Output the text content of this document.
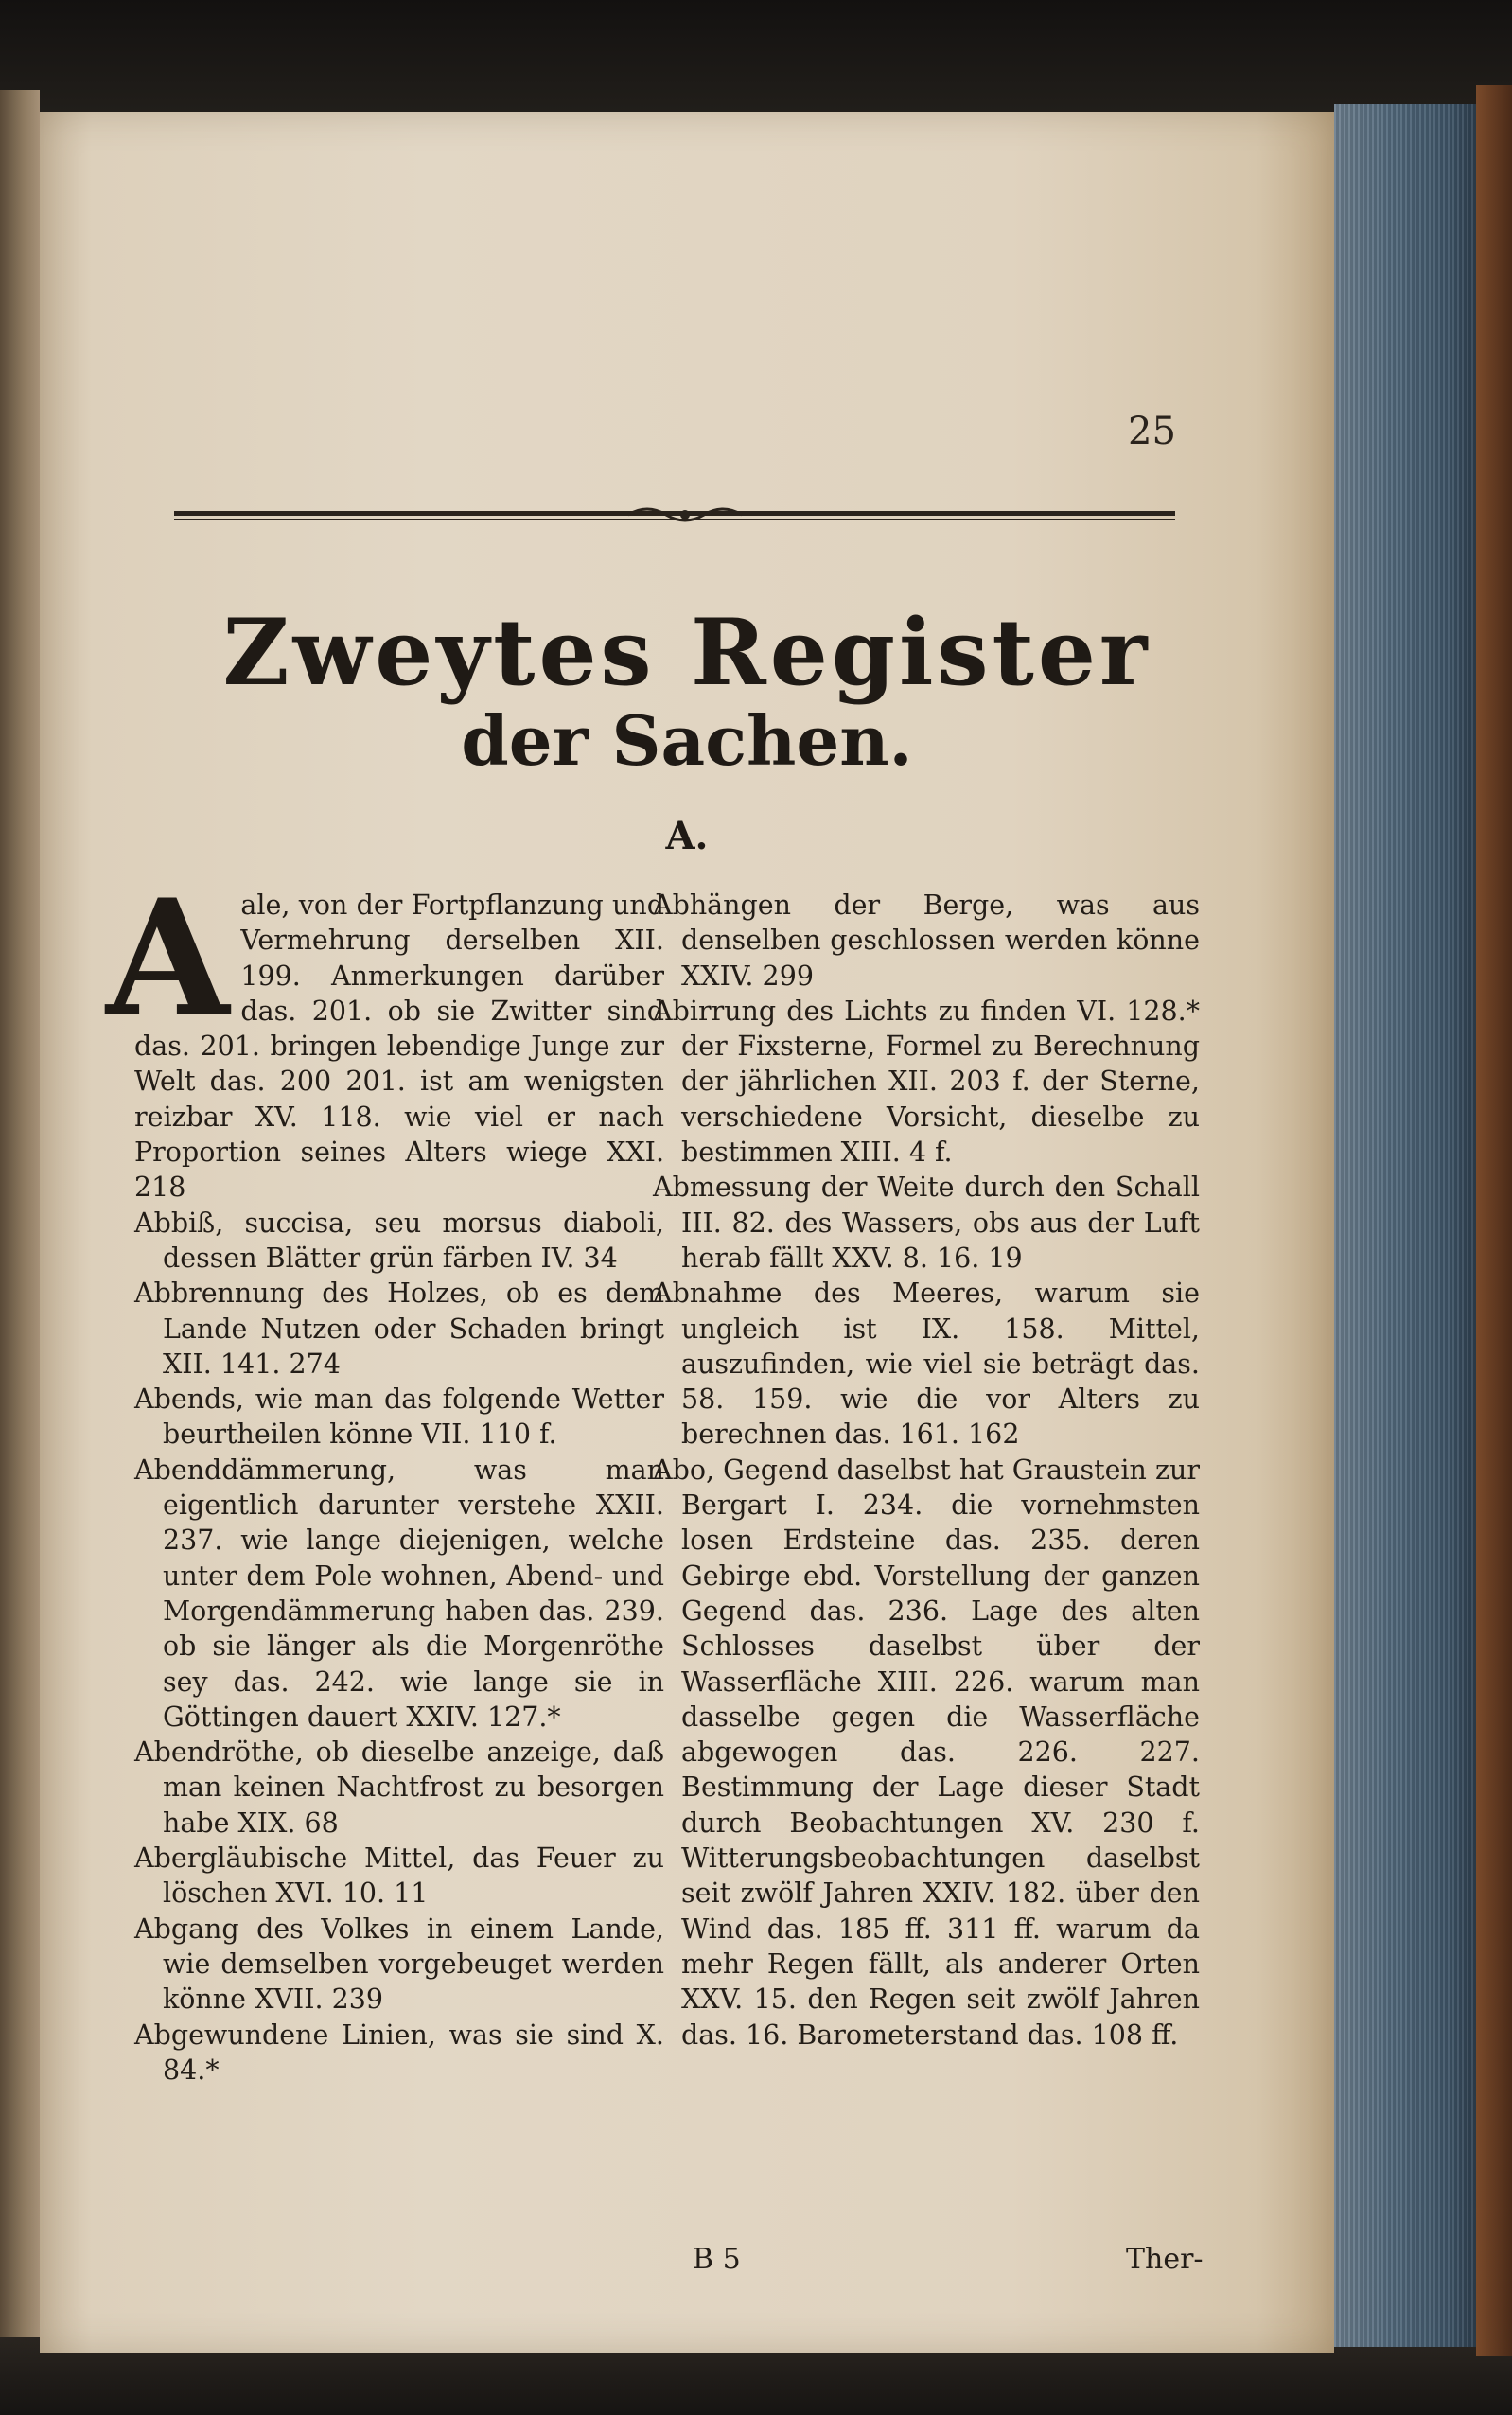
25
Zweytes Register
der Sachen.
A.

Aale, von der Fortpflanzung und Vermehrung derselben XII. 199. Anmerkungen darüber das. 201. ob sie Zwitter sind das. 201. bringen lebendige Junge zur Welt das. 200 201. ist am wenigsten reizbar XV. 118. wie viel er nach Proportion seines Alters wiege XXI. 218

Abbiß, succisa, seu morsus diaboli, dessen Blätter grün färben IV. 34

Abbrennung des Holzes, ob es dem Lande Nutzen oder Schaden bringt XII. 141. 274

Abends, wie man das folgende Wetter beurtheilen könne VII. 110 f.

Abenddämmerung, was man eigentlich darunter verstehe XXII. 237. wie lange diejenigen, welche unter dem Pole wohnen, Abend- und Morgendämmerung haben das. 239. ob sie länger als die Morgenröthe sey das. 242. wie lange sie in Göttingen dauert XXIV. 127.*

Abendröthe, ob dieselbe anzeige, daß man keinen Nachtfrost zu besorgen habe XIX. 68

Abergläubische Mittel, das Feuer zu löschen XVI. 10. 11

Abgang des Volkes in einem Lande, wie demselben vorgebeuget werden könne XVII. 239

Abgewundene Linien, was sie sind X. 84.*

Abhängen der Berge, was aus denselben geschlossen werden könne XXIV. 299

Abirrung des Lichts zu finden VI. 128.* der Fixsterne, Formel zu Berechnung der jährlichen XII. 203 f. der Sterne, verschiedene Vorsicht, dieselbe zu bestimmen XIII. 4 f.

Abmessung der Weite durch den Schall III. 82. des Wassers, obs aus der Luft herab fällt XXV. 8. 16. 19

Abnahme des Meeres, warum sie ungleich ist IX. 158. Mittel, auszufinden, wie viel sie beträgt das. 58. 159. wie die vor Alters zu berechnen das. 161. 162

Abo, Gegend daselbst hat Graustein zur Bergart I. 234. die vornehmsten losen Erdsteine das. 235. deren Gebirge ebd. Vorstellung der ganzen Gegend das. 236. Lage des alten Schlosses daselbst über der Wasserfläche XIII. 226. warum man dasselbe gegen die Wasserfläche abgewogen das. 226. 227. Bestimmung der Lage dieser Stadt durch Beobachtungen XV. 230 f. Witterungsbeobachtungen daselbst seit zwölf Jahren XXIV. 182. über den Wind das. 185 ff. 311 ff. warum da mehr Regen fällt, als anderer Orten XXV. 15. den Regen seit zwölf Jahren das. 16. Barometerstand das. 108 ff.

B 5	Ther-
